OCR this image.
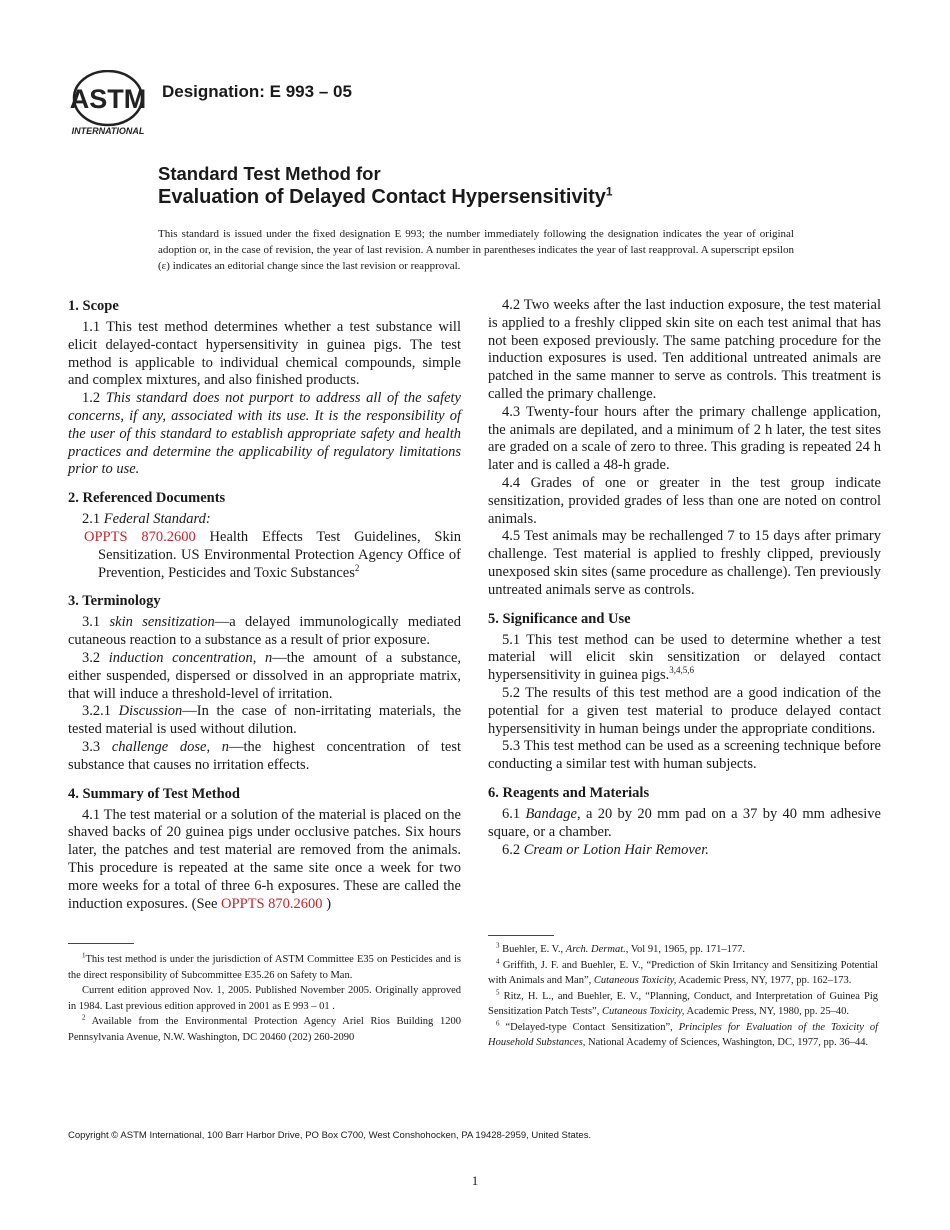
ASTM
INTERNATIONAL
Designation: E 993 – 05
Standard Test Method for
Evaluation of Delayed Contact Hypersensitivity$^1$
This standard is issued under the fixed designation E 993; the number immediately following the designation indicates the year of original adoption or, in the case of revision, the year of last revision. A number in parentheses indicates the year of last reapproval. A superscript epsilon (ε) indicates an editorial change since the last revision or reapproval.
1. Scope

1.1 This test method determines whether a test substance will elicit delayed-contact hypersensitivity in guinea pigs. The test method is applicable to individual chemical compounds, simple and complex mixtures, and also finished products.

1.2 This standard does not purport to address all of the safety concerns, if any, associated with its use. It is the responsibility of the user of this standard to establish appropriate safety and health practices and determine the applicability of regulatory limitations prior to use.

2. Referenced Documents

2.1 Federal Standard:

OPPTS 870.2600 Health Effects Test Guidelines, Skin Sensitization. US Environmental Protection Agency Office of Prevention, Pesticides and Toxic Substances$^2$

3. Terminology

3.1 skin sensitization—a delayed immunologically mediated cutaneous reaction to a substance as a result of prior exposure.

3.2 induction concentration, n—the amount of a substance, either suspended, dispersed or dissolved in an appropriate matrix, that will induce a threshold-level of irritation.

3.2.1 Discussion—In the case of non-irritating materials, the tested material is used without dilution.

3.3 challenge dose, n—the highest concentration of test substance that causes no irritation effects.

4. Summary of Test Method

4.1 The test material or a solution of the material is placed on the shaved backs of 20 guinea pigs under occlusive patches. Six hours later, the patches and test material are removed from the animals. This procedure is repeated at the same site once a week for two more weeks for a total of three 6-h exposures. These are called the induction exposures. (See OPPTS 870.2600 )

$^1$This test method is under the jurisdiction of ASTM Committee E35 on Pesticides and is the direct responsibility of Subcommittee E35.26 on Safety to Man.

Current edition approved Nov. 1, 2005. Published November 2005. Originally approved in 1984. Last previous edition approved in 2001 as E 993 – 01 .

$^2$ Available from the Environmental Protection Agency Ariel Rios Building 1200 Pennsylvania Avenue, N.W. Washington, DC 20460 (202) 260-2090

4.2 Two weeks after the last induction exposure, the test material is applied to a freshly clipped skin site on each test animal that has not been exposed previously. The same patching procedure for the induction exposures is used. Ten additional untreated animals are patched in the same manner to serve as controls. This treatment is called the primary challenge.

4.3 Twenty-four hours after the primary challenge application, the animals are depilated, and a minimum of 2 h later, the test sites are graded on a scale of zero to three. This grading is repeated 24 h later and is called a 48-h grade.

4.4 Grades of one or greater in the test group indicate sensitization, provided grades of less than one are noted on control animals.

4.5 Test animals may be rechallenged 7 to 15 days after primary challenge. Test material is applied to freshly clipped, previously unexposed skin sites (same procedure as challenge). Ten previously untreated animals serve as controls.

5. Significance and Use

5.1 This test method can be used to determine whether a test material will elicit skin sensitization or delayed contact hypersensitivity in guinea pigs.$^{3,4,5,6}$

5.2 The results of this test method are a good indication of the potential for a given test material to produce delayed contact hypersensitivity in human beings under the appropriate conditions.

5.3 This test method can be used as a screening technique before conducting a similar test with human subjects.

6. Reagents and Materials

6.1 Bandage, a 20 by 20 mm pad on a 37 by 40 mm adhesive square, or a chamber.

6.2 Cream or Lotion Hair Remover.

$^3$ Buehler, E. V., Arch. Dermat., Vol 91, 1965, pp. 171–177.

$^4$ Griffith, J. F. and Buehler, E. V., “Prediction of Skin Irritancy and Sensitizing Potential with Animals and Man”, Cutaneous Toxicity, Academic Press, NY, 1977, pp. 162–173.

$^5$ Ritz, H. L., and Buehler, E. V., “Planning, Conduct, and Interpretation of Guinea Pig Sensitization Patch Tests”, Cutaneous Toxicity, Academic Press, NY, 1980, pp. 25–40.

$^6$ “Delayed-type Contact Sensitization”, Principles for Evaluation of the Toxicity of Household Substances, National Academy of Sciences, Washington, DC, 1977, pp. 36–44.

Copyright © ASTM International, 100 Barr Harbor Drive, PO Box C700, West Conshohocken, PA 19428-2959, United States.
1
